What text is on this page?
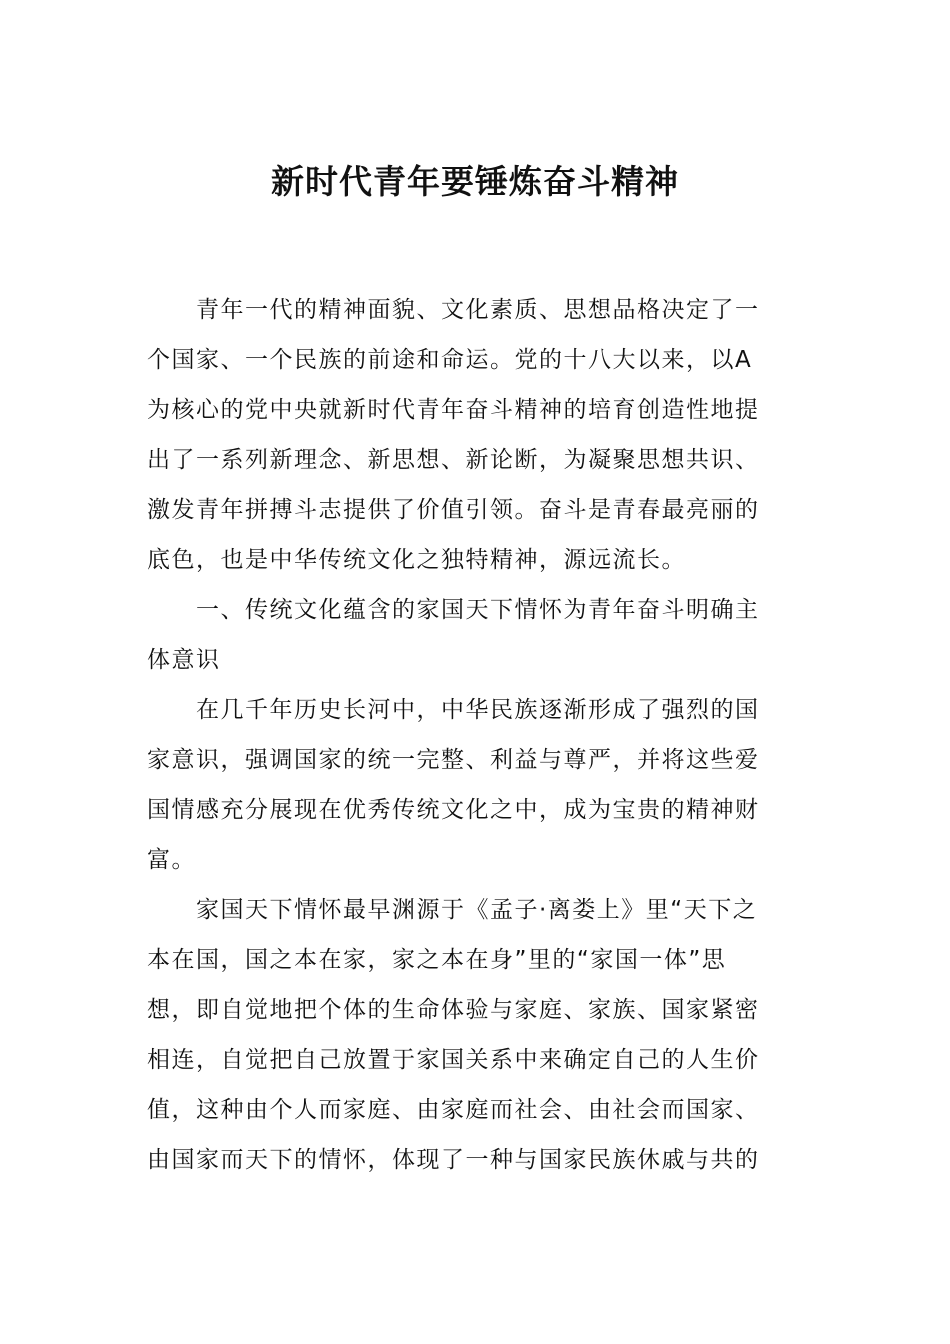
新时代青年要锤炼奋斗精神
青年一代的精神面貌、文化素质、思想品格决定了一
个国家、一个民族的前途和命运。党的十八大以来，以A
为核心的党中央就新时代青年奋斗精神的培育创造性地提
出了一系列新理念、新思想、新论断，为凝聚思想共识、
激发青年拼搏斗志提供了价值引领。奋斗是青春最亮丽的
底色，也是中华传统文化之独特精神，源远流长。
一、传统文化蕴含的家国天下情怀为青年奋斗明确主
体意识
在几千年历史长河中，中华民族逐渐形成了强烈的国
家意识，强调国家的统一完整、利益与尊严，并将这些爱
国情感充分展现在优秀传统文化之中，成为宝贵的精神财
富。
家国天下情怀最早渊源于《孟子·离娄上》里“天下之
本在国，国之本在家，家之本在身”里的“家国一体”思
想，即自觉地把个体的生命体验与家庭、家族、国家紧密
相连，自觉把自己放置于家国关系中来确定自己的人生价
值，这种由个人而家庭、由家庭而社会、由社会而国家、
由国家而天下的情怀，体现了一种与国家民族休戚与共的
